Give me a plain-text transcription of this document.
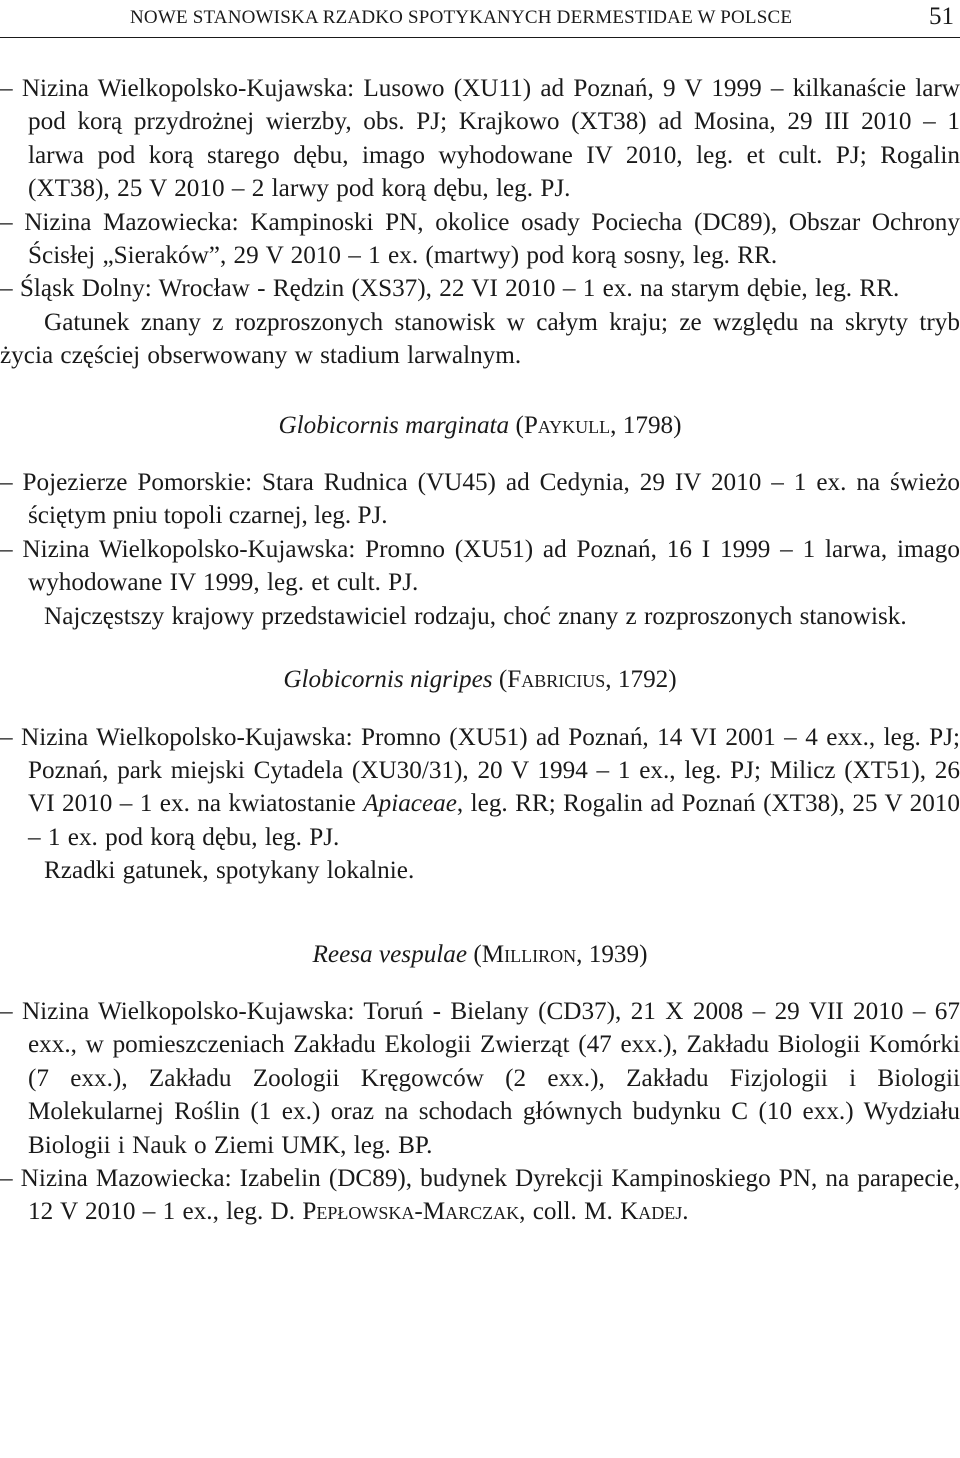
NOWE STANOWISKA RZADKO SPOTYKANYCH DERMESTIDAE W POLSCE	51

– Nizina Wielkopolsko-Kujawska: Lusowo (XU11) ad Poznań, 9 V 1999 – kilkanaście larw pod korą przydrożnej wierzby, obs. PJ; Krajkowo (XT38) ad Mosina, 29 III 2010 – 1 larwa pod korą starego dębu, imago wyhodowane IV 2010, leg. et cult. PJ; Rogalin (XT38), 25 V 2010 – 2 larwy pod korą dębu, leg. PJ.

– Nizina Mazowiecka: Kampinoski PN, okolice osady Pociecha (DC89), Obszar Ochrony Ścisłej „Sieraków”, 29 V 2010 – 1 ex. (martwy) pod korą sosny, leg. RR.

– Śląsk Dolny: Wrocław - Rędzin (XS37), 22 VI 2010 – 1 ex. na starym dębie, leg. RR.

Gatunek znany z rozproszonych stanowisk w całym kraju; ze względu na skryty tryb życia częściej obserwowany w stadium larwalnym.

Globicornis marginata (Paykull, 1798)

– Pojezierze Pomorskie: Stara Rudnica (VU45) ad Cedynia, 29 IV 2010 – 1 ex. na świeżo ściętym pniu topoli czarnej, leg. PJ.

– Nizina Wielkopolsko-Kujawska: Promno (XU51) ad Poznań, 16 I 1999 – 1 larwa, imago wyhodowane IV 1999, leg. et cult. PJ.

Najczęstszy krajowy przedstawiciel rodzaju, choć znany z rozproszonych stanowisk.

Globicornis nigripes (Fabricius, 1792)

– Nizina Wielkopolsko-Kujawska: Promno (XU51) ad Poznań, 14 VI 2001 – 4 exx., leg. PJ; Poznań, park miejski Cytadela (XU30/31), 20 V 1994 – 1 ex., leg. PJ; Milicz (XT51), 26 VI 2010 – 1 ex. na kwiatostanie Apiaceae, leg. RR; Rogalin ad Poznań (XT38), 25 V 2010 – 1 ex. pod korą dębu, leg. PJ.

Rzadki gatunek, spotykany lokalnie.

Reesa vespulae (Milliron, 1939)

– Nizina Wielkopolsko-Kujawska: Toruń - Bielany (CD37), 21 X 2008 – 29 VII 2010 – 67 exx., w pomieszczeniach Zakładu Ekologii Zwierząt (47 exx.), Zakładu Biologii Komórki (7 exx.), Zakładu Zoologii Kręgowców (2 exx.), Zakładu Fizjologii i Biologii Molekularnej Roślin (1 ex.) oraz na schodach głównych budynku C (10 exx.) Wydziału Biologii i Nauk o Ziemi UMK, leg. BP.

– Nizina Mazowiecka: Izabelin (DC89), budynek Dyrekcji Kampinoskiego PN, na parapecie, 12 V 2010 – 1 ex., leg. D. Pepłowska-Marczak, coll. M. Kadej.
